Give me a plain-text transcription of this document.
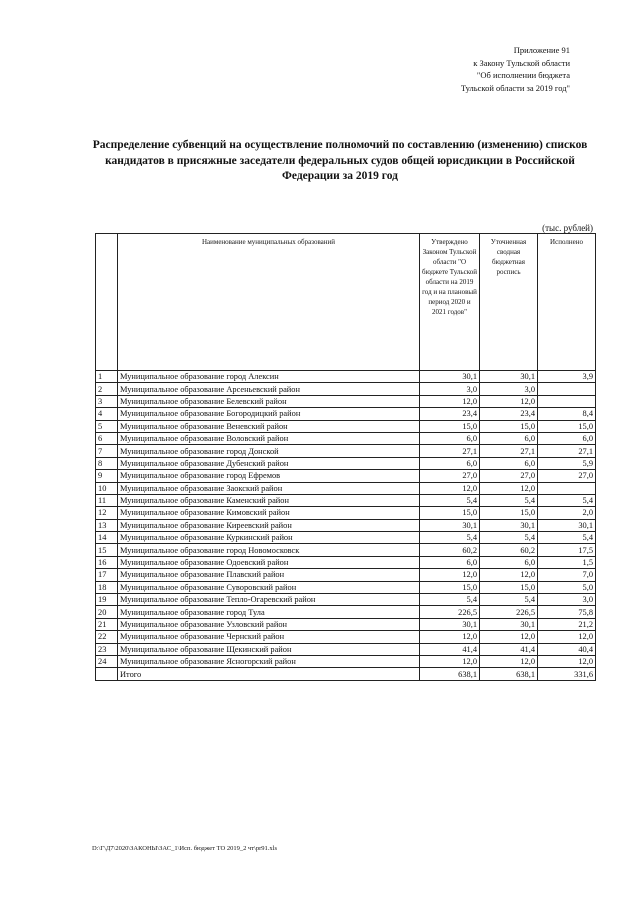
Приложение 91
к Закону Тульской области
"Об исполнении бюджета
Тульской области за 2019 год"
Распределение субвенций на осуществление полномочий по составлению (изменению) списков кандидатов в присяжные заседатели федеральных судов общей юрисдикции в Российской Федерации за 2019 год
(тыс. рублей)
	Наименование муниципальных образований	Утверждено Законом Тульской области "О бюджете Тульской области на 2019 год и на плановый период 2020 и 2021 годов"	Уточненная сводная бюджетная роспись	Исполнено
1	Муниципальное образование город Алексин	30,1	30,1	3,9
2	Муниципальное образование Арсеньевский район	3,0	3,0	
3	Муниципальное образование Белевский район	12,0	12,0	
4	Муниципальное образование Богородицкий район	23,4	23,4	8,4
5	Муниципальное образование Веневский район	15,0	15,0	15,0
6	Муниципальное образование Воловский район	6,0	6,0	6,0
7	Муниципальное образование город Донской	27,1	27,1	27,1
8	Муниципальное образование Дубенский район	6,0	6,0	5,9
9	Муниципальное образование город Ефремов	27,0	27,0	27,0
10	Муниципальное образование Заокский район	12,0	12,0	
11	Муниципальное образование Каменский район	5,4	5,4	5,4
12	Муниципальное образование Кимовский район	15,0	15,0	2,0
13	Муниципальное образование Киреевский район	30,1	30,1	30,1
14	Муниципальное образование Куркинский район	5,4	5,4	5,4
15	Муниципальное образование город Новомосковск	60,2	60,2	17,5
16	Муниципальное образование Одоевский район	6,0	6,0	1,5
17	Муниципальное образование Плавский район	12,0	12,0	7,0
18	Муниципальное образование Суворовский район	15,0	15,0	5,0
19	Муниципальное образование Тепло-Огаревский район	5,4	5,4	3,0
20	Муниципальное образование город Тула	226,5	226,5	75,8
21	Муниципальное образование Узловский район	30,1	30,1	21,2
22	Муниципальное образование Чернский район	12,0	12,0	12,0
23	Муниципальное образование Щекинский район	41,4	41,4	40,4
24	Муниципальное образование Ясногорский район	12,0	12,0	12,0
	Итого	638,1	638,1	331,6
D:\Г\Д7\2020\ЗАКОНЫ\ЗАС_1\Исп. бюджет ТО 2019_2 чт\pr91.xls
